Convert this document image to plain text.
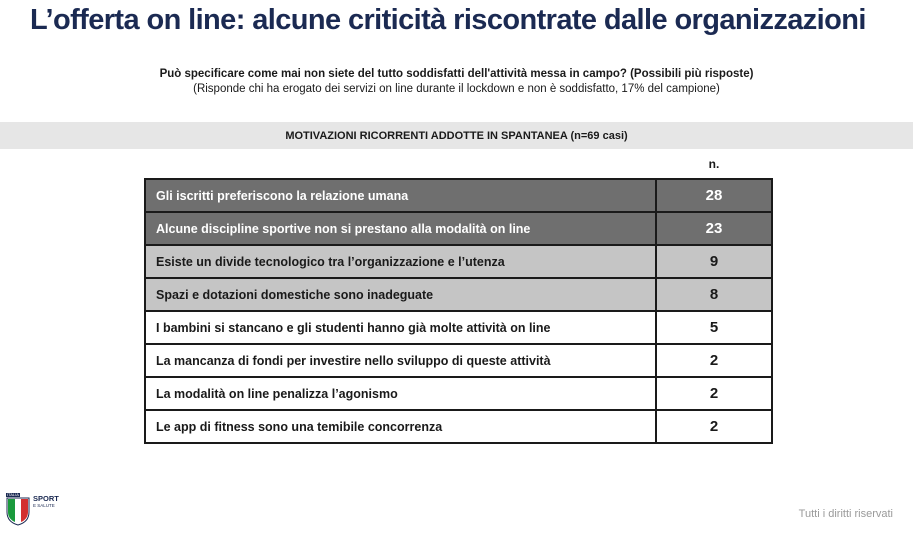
L’offerta on line: alcune criticità riscontrate dalle organizzazioni
Può specificare come mai non siete del tutto soddisfatti dell'attività messa in campo? (Possibili più risposte)
(Risponde chi ha erogato dei servizi on line durante il lockdown e non è soddisfatto, 17% del campione)
MOTIVAZIONI RICORRENTI ADDOTTE IN SPANTANEA (n=69 casi)
n.
Gli iscritti preferiscono la relazione umana	28
Alcune discipline sportive non si prestano alla modalità on line	23
Esiste un divide tecnologico tra l’organizzazione e l’utenza	9
Spazi e dotazioni domestiche sono inadeguate	8
I bambini si stancano e gli studenti hanno già molte attività on line	5
La mancanza di fondi per investire nello sviluppo di queste attività	2
La modalità on line penalizza l’agonismo	2
Le app di fitness sono una temibile concorrenza	2
ITALIA SPORT
E SALUTE
Tutti i diritti riservati
